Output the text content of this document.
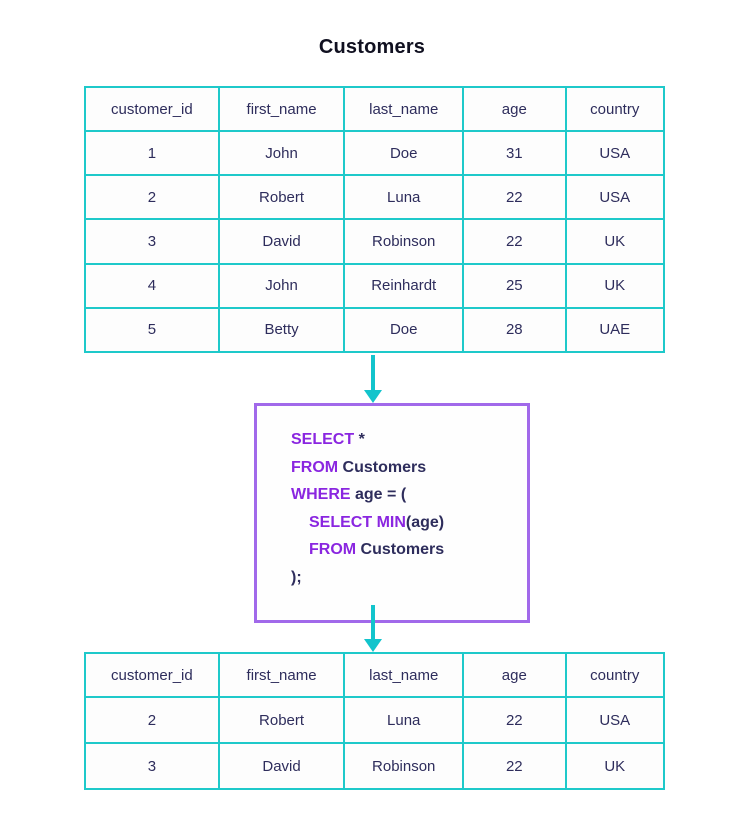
Customers
customer_id	first_name	last_name	age	country
1	John	Doe	31	USA
2	Robert	Luna	22	USA
3	David	Robinson	22	UK
4	John	Reinhardt	25	UK
5	Betty	Doe	28	UAE
SELECT *
FROM Customers
WHERE age = (
SELECT MIN(age)
FROM Customers
);
customer_id	first_name	last_name	age	country
2	Robert	Luna	22	USA
3	David	Robinson	22	UK
